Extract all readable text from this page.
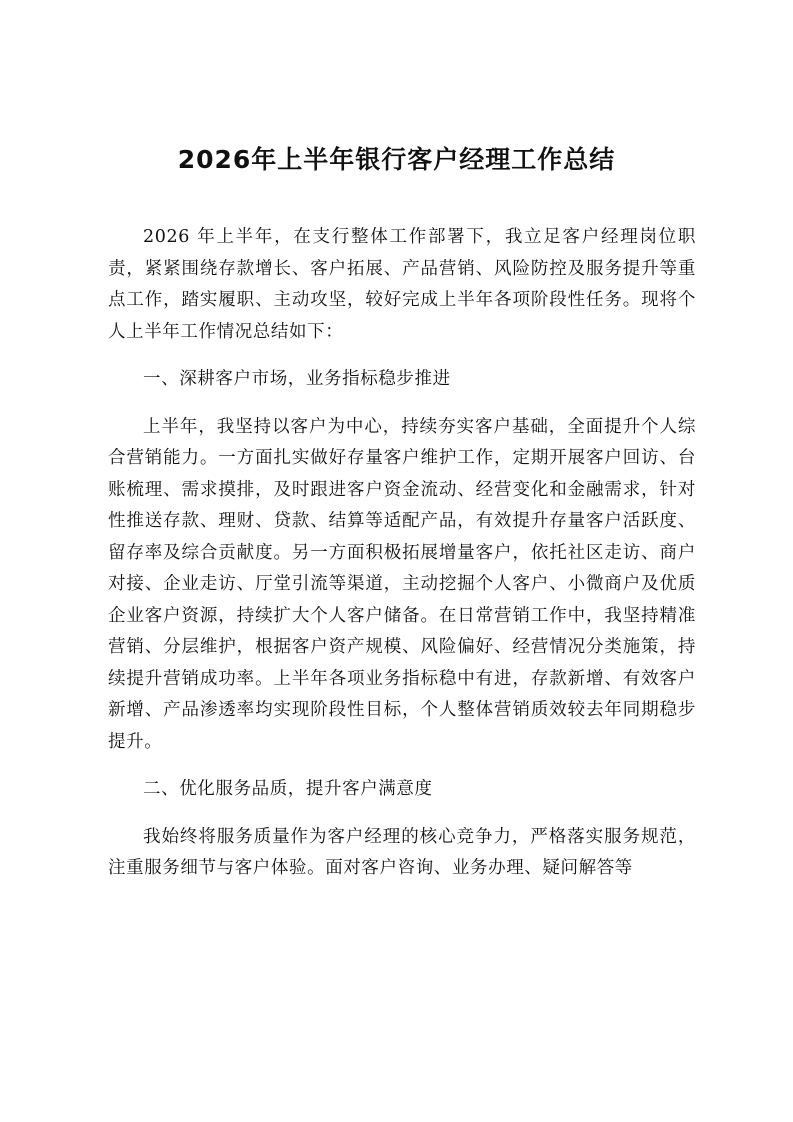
2026年上半年银行客户经理工作总结

2026 年上半年，在支行整体工作部署下，我立足客户经理岗位职责，紧紧围绕存款增长、客户拓展、产品营销、风险防控及服务提升等重点工作，踏实履职、主动攻坚，较好完成上半年各项阶段性任务。现将个人上半年工作情况总结如下：

一、深耕客户市场，业务指标稳步推进

上半年，我坚持以客户为中心，持续夯实客户基础，全面提升个人综合营销能力。一方面扎实做好存量客户维护工作，定期开展客户回访、台账梳理、需求摸排，及时跟进客户资金流动、经营变化和金融需求，针对性推送存款、理财、贷款、结算等适配产品，有效提升存量客户活跃度、留存率及综合贡献度。另一方面积极拓展增量客户，依托社区走访、商户对接、企业走访、厅堂引流等渠道，主动挖掘个人客户、小微商户及优质企业客户资源，持续扩大个人客户储备。在日常营销工作中，我坚持精准营销、分层维护，根据客户资产规模、风险偏好、经营情况分类施策，持续提升营销成功率。上半年各项业务指标稳中有进，存款新增、有效客户新增、产品渗透率均实现阶段性目标，个人整体营销质效较去年同期稳步提升。

二、优化服务品质，提升客户满意度

我始终将服务质量作为客户经理的核心竞争力，严格落实服务规范，注重服务细节与客户体验。面对客户咨询、业务办理、疑问解答等
